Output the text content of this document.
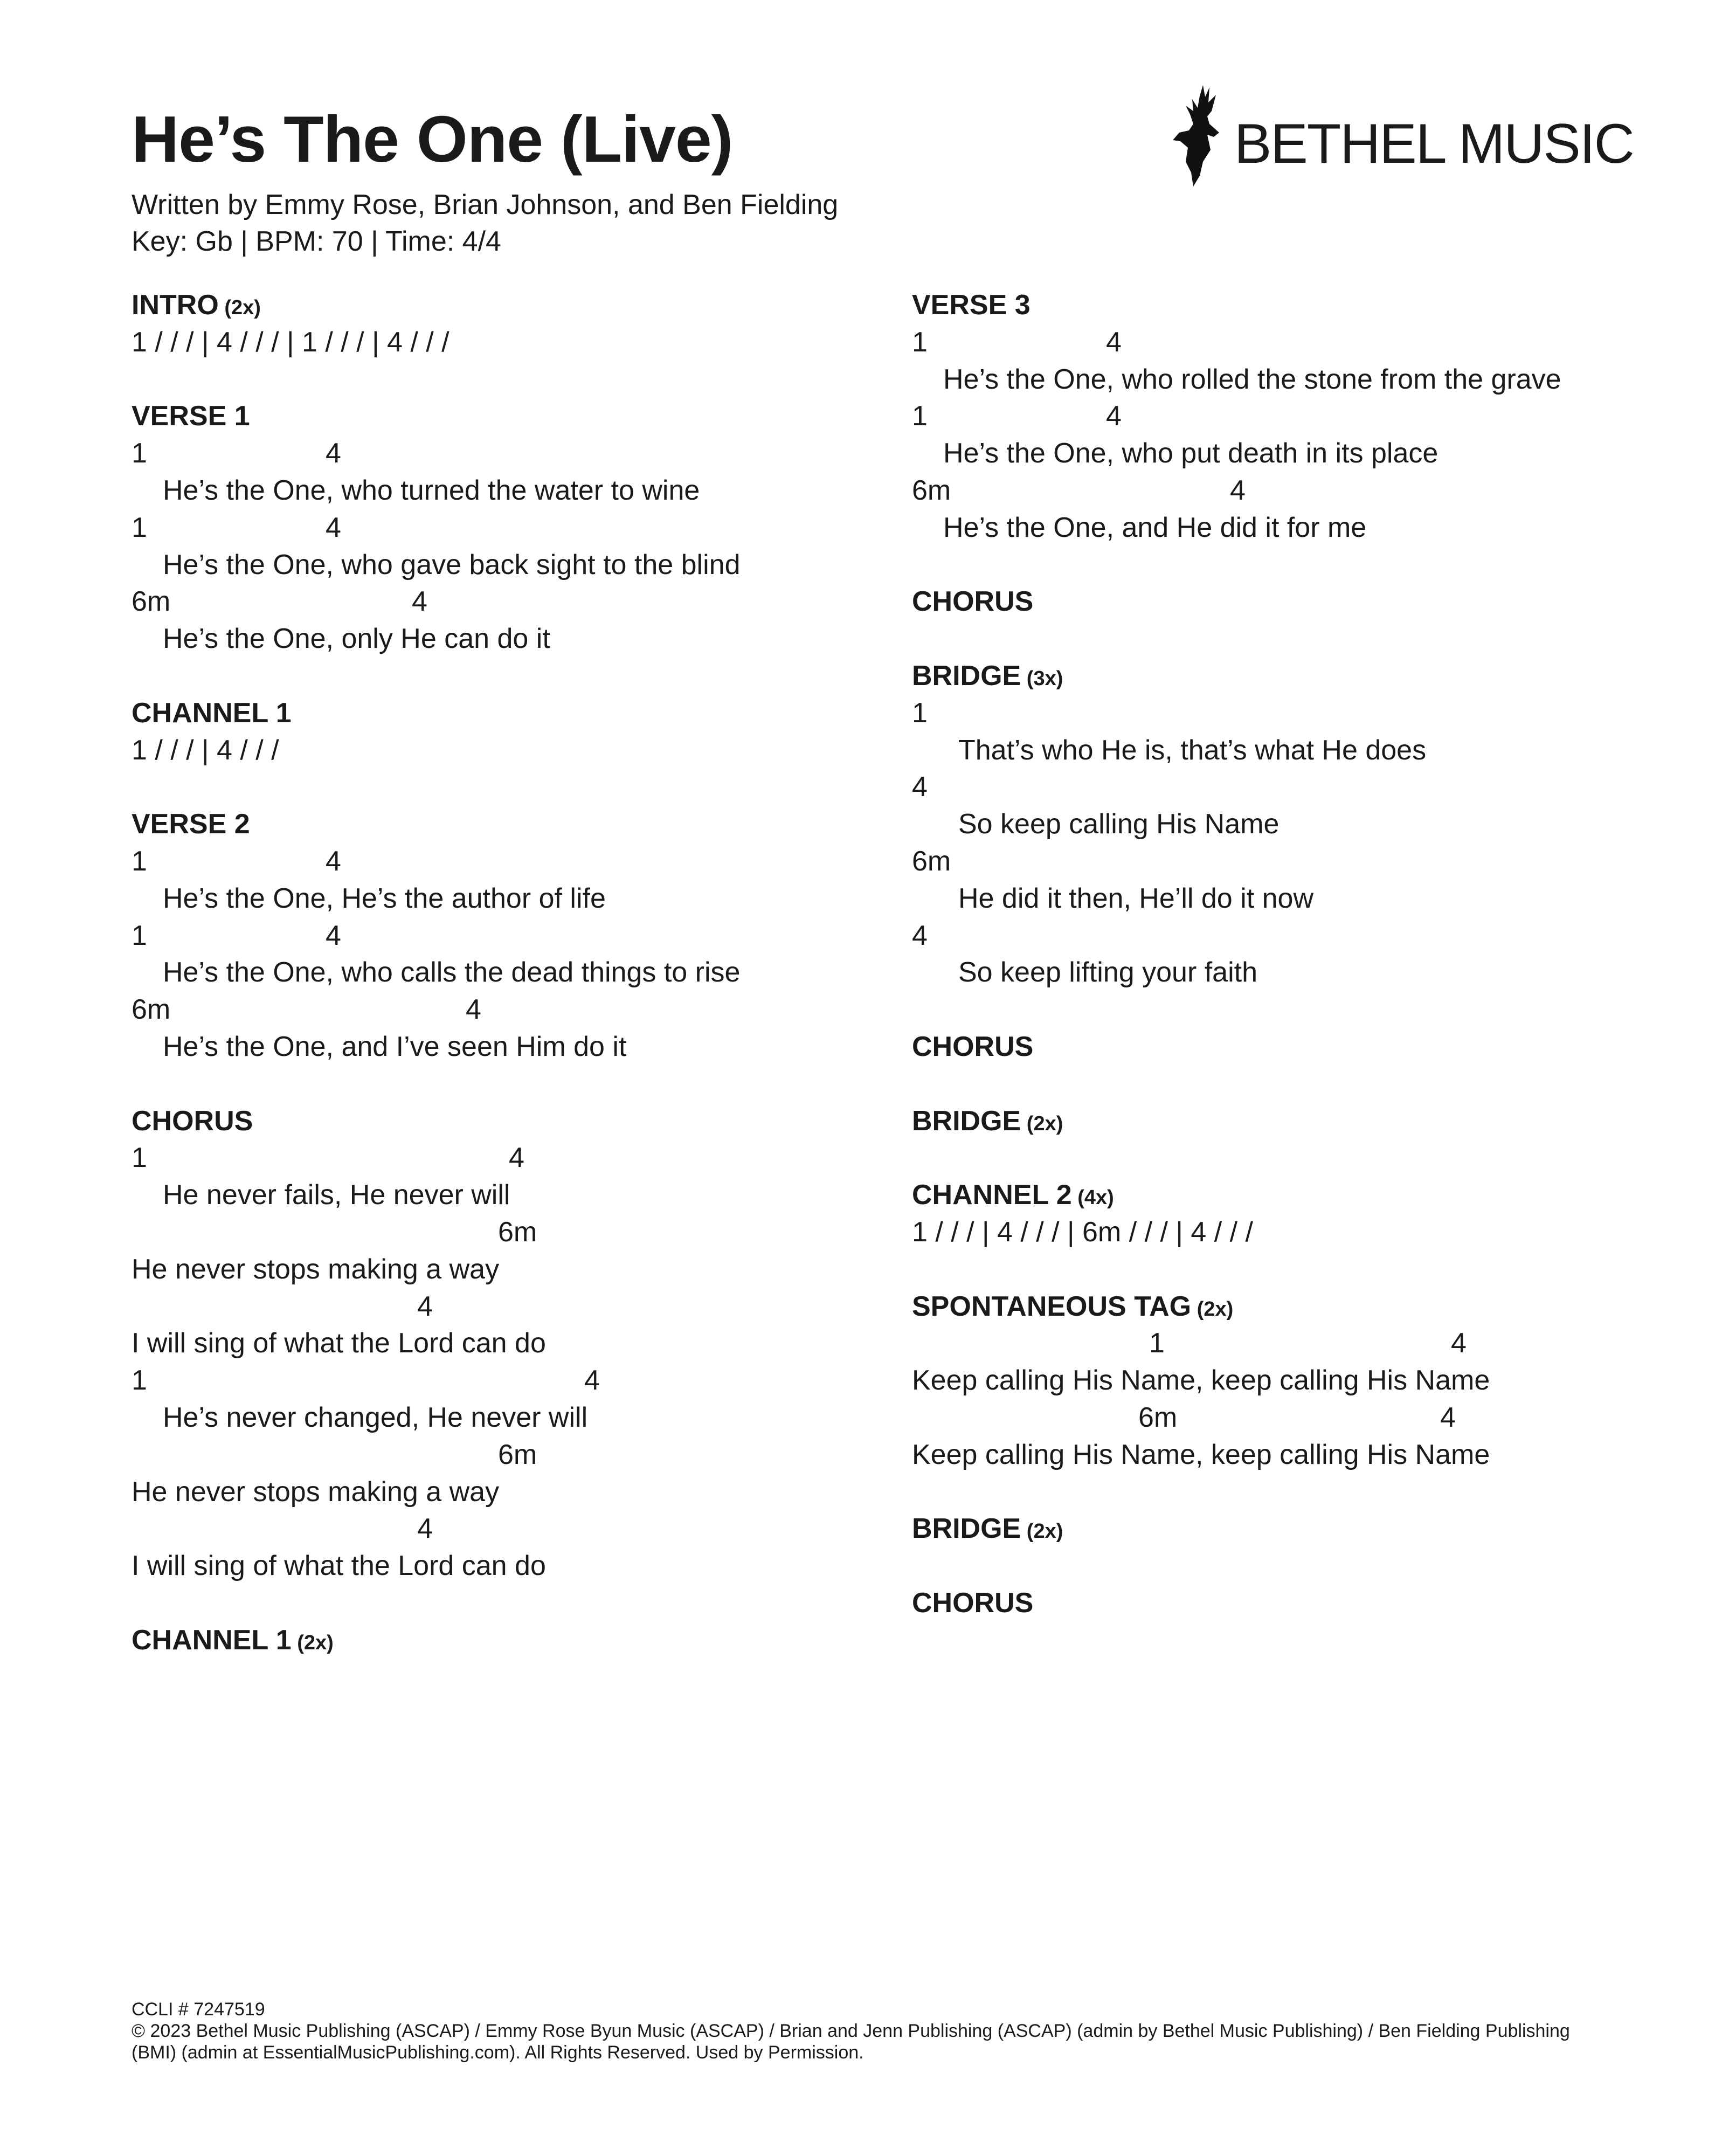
He’s The One (Live)
Written by Emmy Rose, Brian Johnson, and Ben Fielding
Key: Gb | BPM: 70 | Time: 4/4
BETHEL MUSIC
INTRO (2x)
1 / / / | 4 / / / | 1 / / / | 4 / / /
VERSE 1
1	4
He’s the One, who turned the water to wine
1	4
He’s the One, who gave back sight to the blind
6m	4
He’s the One, only He can do it
CHANNEL 1
1 / / / | 4 / / /
VERSE 2
1	4
He’s the One, He’s the author of life
1	4
He’s the One, who calls the dead things to rise
6m	4
He’s the One, and I’ve seen Him do it
CHORUS
1	4
He never fails, He never will
6m
He never stops making a way
4
I will sing of what the Lord can do
1	4
He’s never changed, He never will
6m
He never stops making a way
4
I will sing of what the Lord can do
CHANNEL 1 (2x)
VERSE 3
1	4
He’s the One, who rolled the stone from the grave
1	4
He’s the One, who put death in its place
6m	4
He’s the One, and He did it for me
CHORUS
BRIDGE (3x)
1
That’s who He is, that’s what He does
4
So keep calling His Name
6m
He did it then, He’ll do it now
4
So keep lifting your faith
CHORUS
BRIDGE (2x)
CHANNEL 2 (4x)
1 / / / | 4 / / / | 6m / / / | 4 / / /
SPONTANEOUS TAG (2x)
1	4
Keep calling His Name, keep calling His Name
6m	4
Keep calling His Name, keep calling His Name
BRIDGE (2x)
CHORUS
CCLI # 7247519
© 2023 Bethel Music Publishing (ASCAP) / Emmy Rose Byun Music (ASCAP) / Brian and Jenn Publishing (ASCAP) (admin by Bethel Music Publishing) / Ben Fielding Publishing (BMI) (admin at EssentialMusicPublishing.com). All Rights Reserved. Used by Permission.
